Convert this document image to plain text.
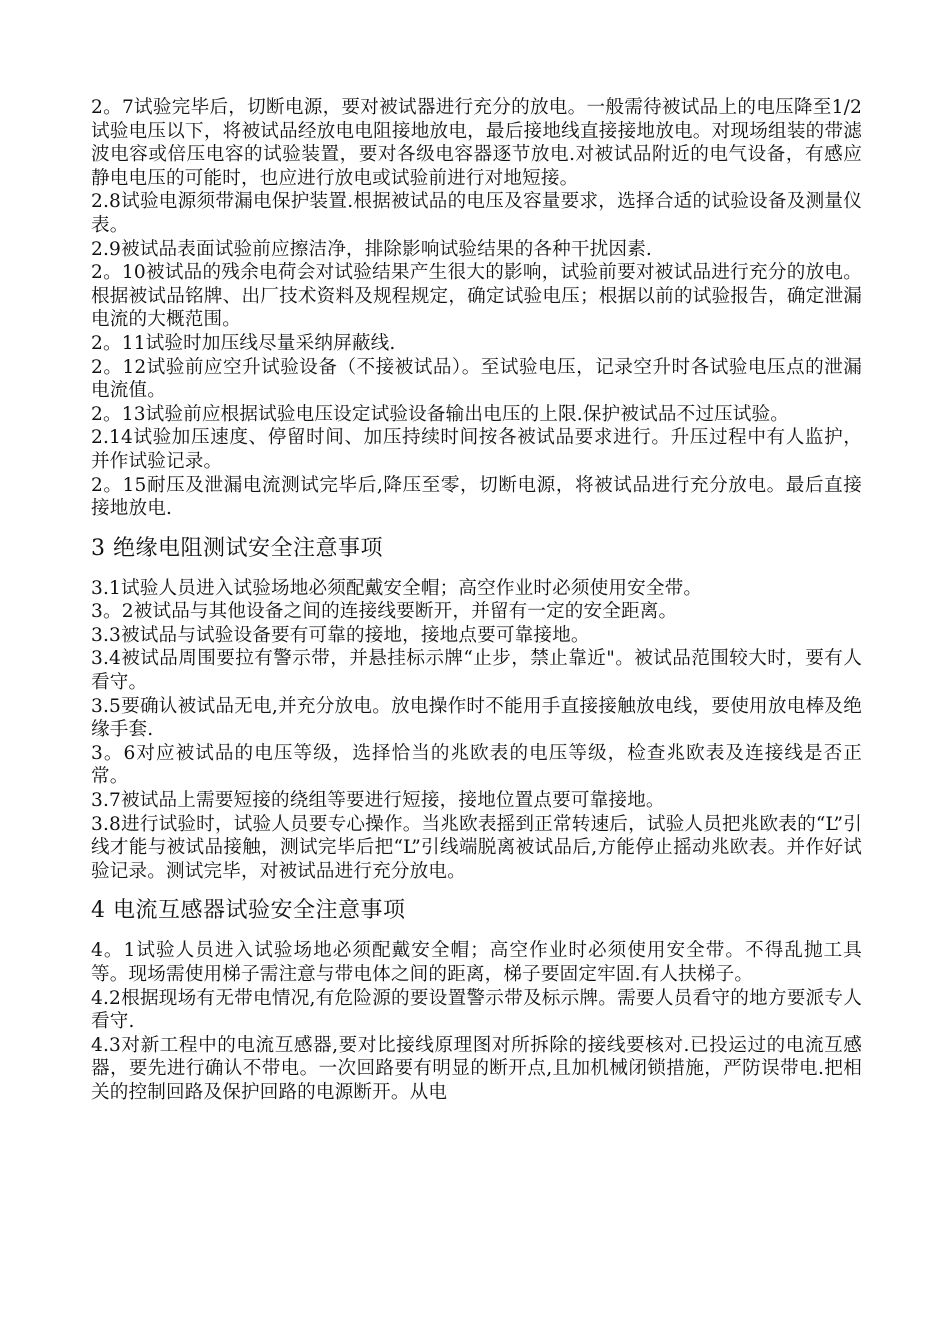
2。7试验完毕后，切断电源，要对被试器进行充分的放电。一般需待被试品上的电压降至1/2试验电压以下，将被试品经放电电阻接地放电，最后接地线直接接地放电。对现场组装的带滤波电容或倍压电容的试验装置，要对各级电容器逐节放电.对被试品附近的电气设备，有感应静电电压的可能时，也应进行放电或试验前进行对地短接。

2.8试验电源须带漏电保护装置.根据被试品的电压及容量要求，选择合适的试验设备及测量仪表。

2.9被试品表面试验前应擦洁净，排除影响试验结果的各种干扰因素.

2。10被试品的残余电荷会对试验结果产生很大的影响，试验前要对被试品进行充分的放电。根据被试品铭牌、出厂技术资料及规程规定，确定试验电压；根据以前的试验报告，确定泄漏电流的大概范围。

2。11试验时加压线尽量采纳屏蔽线.

2。12试验前应空升试验设备（不接被试品）。至试验电压，记录空升时各试验电压点的泄漏电流值。

2。13试验前应根据试验电压设定试验设备输出电压的上限.保护被试品不过压试验。

2.14试验加压速度、停留时间、加压持续时间按各被试品要求进行。升压过程中有人监护，并作试验记录。

2。15耐压及泄漏电流测试完毕后,降压至零，切断电源，将被试品进行充分放电。最后直接接地放电.

3 绝缘电阻测试安全注意事项

3.1试验人员进入试验场地必须配戴安全帽；高空作业时必须使用安全带。

3。2被试品与其他设备之间的连接线要断开，并留有一定的安全距离。

3.3被试品与试验设备要有可靠的接地，接地点要可靠接地。

3.4被试品周围要拉有警示带，并悬挂标示牌“止步，禁止靠近"。被试品范围较大时，要有人看守。

3.5要确认被试品无电,并充分放电。放电操作时不能用手直接接触放电线，要使用放电棒及绝缘手套.

3。6对应被试品的电压等级，选择恰当的兆欧表的电压等级，检查兆欧表及连接线是否正常。

3.7被试品上需要短接的绕组等要进行短接，接地位置点要可靠接地。

3.8进行试验时，试验人员要专心操作。当兆欧表摇到正常转速后，试验人员把兆欧表的“L”引线才能与被试品接触，测试完毕后把“L”引线端脱离被试品后,方能停止摇动兆欧表。并作好试验记录。测试完毕，对被试品进行充分放电。

4 电流互感器试验安全注意事项

4。1试验人员进入试验场地必须配戴安全帽；高空作业时必须使用安全带。不得乱抛工具等。现场需使用梯子需注意与带电体之间的距离，梯子要固定牢固.有人扶梯子。

4.2根据现场有无带电情况,有危险源的要设置警示带及标示牌。需要人员看守的地方要派专人看守.

4.3对新工程中的电流互感器,要对比接线原理图对所拆除的接线要核对.已投运过的电流互感器，要先进行确认不带电。一次回路要有明显的断开点,且加机械闭锁措施，严防误带电.把相关的控制回路及保护回路的电源断开。从电
